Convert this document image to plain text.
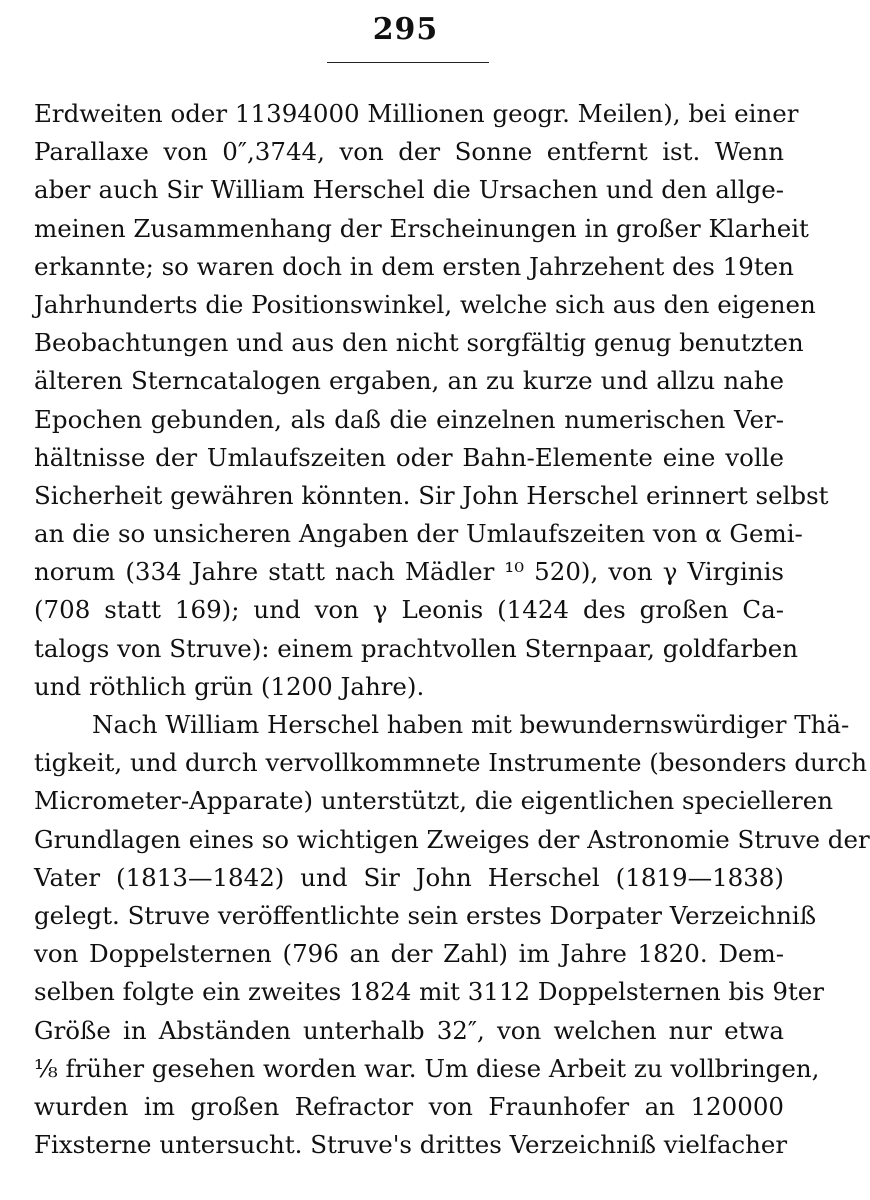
295
Erdweiten oder 11394000 Millionen geogr. Meilen), bei einer
Parallaxe von 0″,3744, von der Sonne entfernt ist. Wenn
aber auch Sir William Herschel die Ursachen und den allge-
meinen Zusammenhang der Erscheinungen in großer Klarheit
erkannte; so waren doch in dem ersten Jahrzehent des 19ten
Jahrhunderts die Positionswinkel, welche sich aus den eigenen
Beobachtungen und aus den nicht sorgfältig genug benutzten
älteren Sterncatalogen ergaben, an zu kurze und allzu nahe
Epochen gebunden, als daß die einzelnen numerischen Ver-
hältnisse der Umlaufszeiten oder Bahn-Elemente eine volle
Sicherheit gewähren könnten. Sir John Herschel erinnert selbst
an die so unsicheren Angaben der Umlaufszeiten von α Gemi-
norum (334 Jahre statt nach Mädler ¹⁰ 520), von γ Virginis
(708 statt 169); und von γ Leonis (1424 des großen Ca-
talogs von Struve): einem prachtvollen Sternpaar, goldfarben
und röthlich grün (1200 Jahre).
Nach William Herschel haben mit bewundernswürdiger Thä-
tigkeit, und durch vervollkommnete Instrumente (besonders durch
Micrometer-Apparate) unterstützt, die eigentlichen specielleren
Grundlagen eines so wichtigen Zweiges der Astronomie Struve der
Vater (1813—1842) und Sir John Herschel (1819—1838)
gelegt. Struve veröffentlichte sein erstes Dorpater Verzeichniß
von Doppelsternen (796 an der Zahl) im Jahre 1820. Dem-
selben folgte ein zweites 1824 mit 3112 Doppelsternen bis 9ter
Größe in Abständen unterhalb 32″, von welchen nur etwa
⅛ früher gesehen worden war. Um diese Arbeit zu vollbringen,
wurden im großen Refractor von Fraunhofer an 120000
Fixsterne untersucht. Struve's drittes Verzeichniß vielfacher
